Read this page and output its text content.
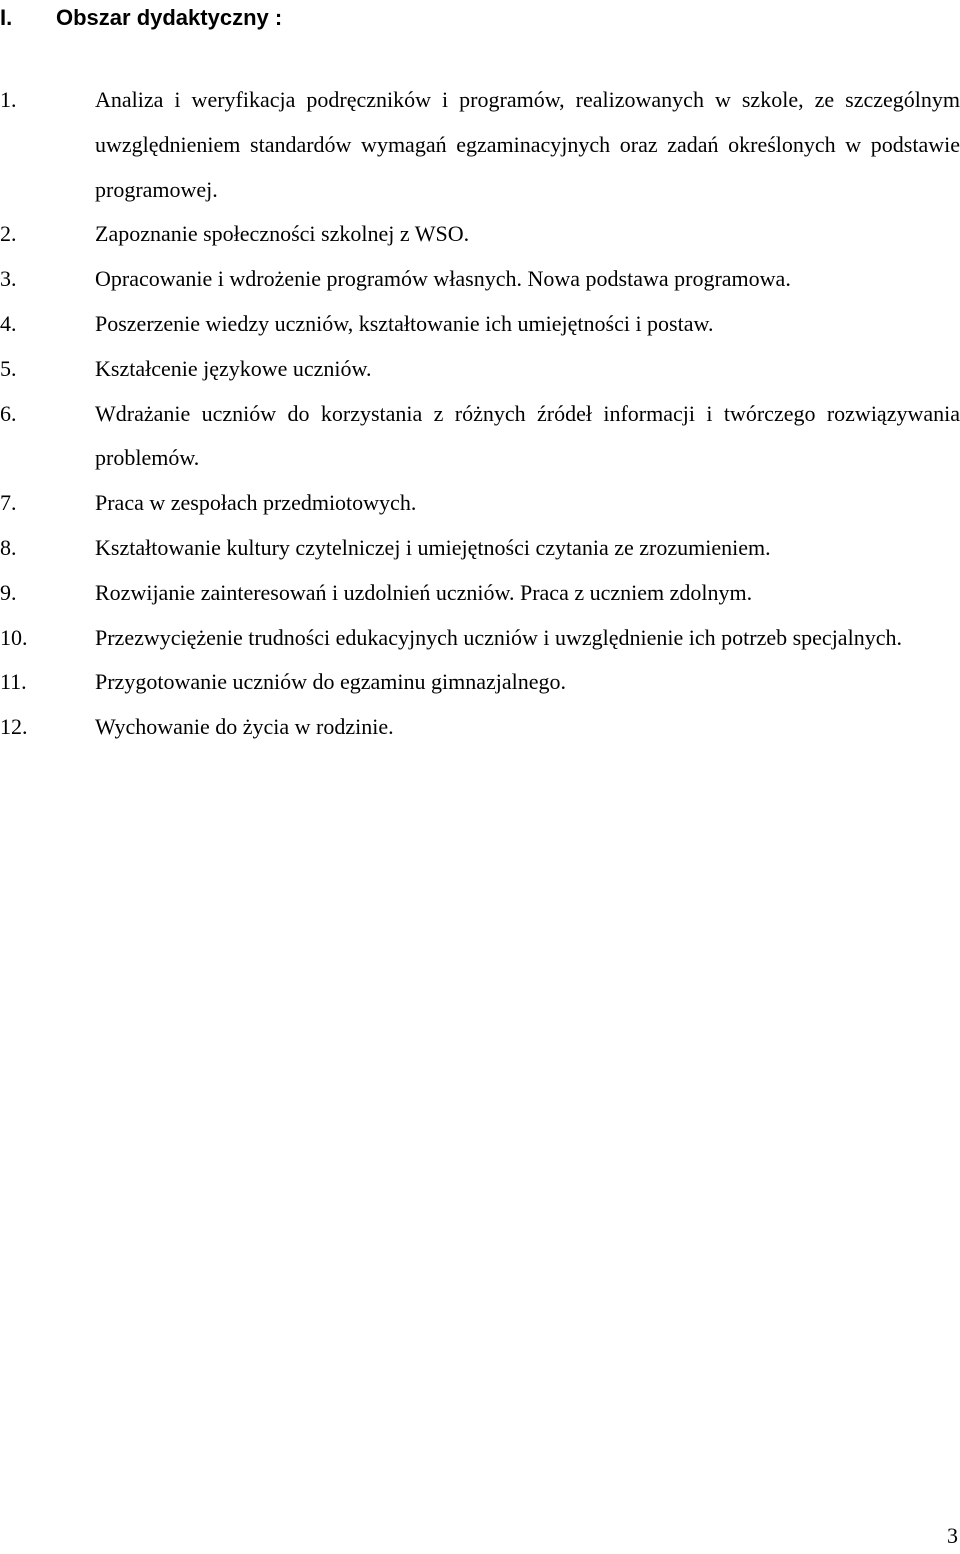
I. Obszar dydaktyczny :
1.	Analiza i weryfikacja podręczników i programów, realizowanych w szkole, ze szczególnym uwzględnieniem standardów wymagań egzaminacyjnych oraz zadań określonych w podstawie programowej.
2.	Zapoznanie społeczności szkolnej z WSO.
3.	Opracowanie i wdrożenie programów własnych. Nowa podstawa programowa.
4.	Poszerzenie wiedzy uczniów, kształtowanie ich umiejętności i postaw.
5.	Kształcenie językowe uczniów.
6.	Wdrażanie uczniów do korzystania z różnych źródeł informacji i twórczego rozwiązywania problemów.
7.	Praca w zespołach przedmiotowych.
8.	Kształtowanie kultury czytelniczej i umiejętności czytania ze zrozumieniem.
9.	Rozwijanie zainteresowań i uzdolnień uczniów. Praca z uczniem zdolnym.
10.	Przezwyciężenie trudności edukacyjnych uczniów i uwzględnienie ich potrzeb specjalnych.
11.	Przygotowanie uczniów do egzaminu gimnazjalnego.
12.	Wychowanie do życia w rodzinie.
3
